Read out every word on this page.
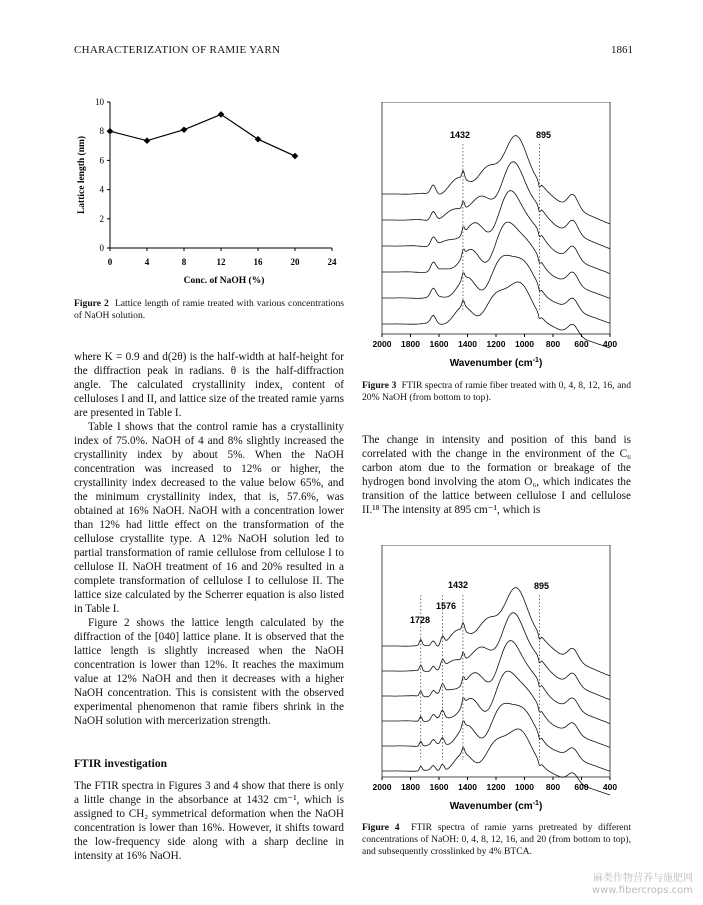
CHARACTERIZATION OF RAMIE YARN	1861
0
2
4
6
8
10
0	4	8	12	16	20	24
Conc. of NaOH (%)
Lattice length (nm)
Figure 2 Lattice length of ramie treated with various concentrations of NaOH solution.

where K = 0.9 and d(2θ) is the half-width at half-height for the diffraction peak in radians. θ is the half-diffraction angle. The calculated crystallinity index, content of celluloses I and II, and lattice size of the treated ramie yarns are presented in Table I.

Table I shows that the control ramie has a crystallinity index of 75.0%. NaOH of 4 and 8% slightly increased the crystallinity index by about 5%. When the NaOH concentration was increased to 12% or higher, the crystallinity index decreased to the value below 65%, and the minimum crystallinity index, that is, 57.6%, was obtained at 16% NaOH. NaOH with a concentration lower than 12% had little effect on the transformation of the cellulose crystallite type. A 12% NaOH solution led to partial transformation of ramie cellulose from cellulose I to cellulose II. NaOH treatment of 16 and 20% resulted in a complete transformation of cellulose I to cellulose II. The lattice size calculated by the Scherrer equation is also listed in Table I.

Figure 2 shows the lattice length calculated by the diffraction of the [040] lattice plane. It is observed that the lattice length is slightly increased when the NaOH concentration is lower than 12%. It reaches the maximum value at 12% NaOH and then it decreases with a higher NaOH concentration. This is consistent with the observed experimental phenomenon that ramie fibers shrink in the NaOH solution with mercerization strength.

FTIR investigation

The FTIR spectra in Figures 3 and 4 show that there is only a little change in the absorbance at 1432 cm⁻¹, which is assigned to CH₂ symmetrical deformation when the NaOH concentration is lower than 16%. However, it shifts toward the low-frequency side along with a sharp decline in intensity at 16% NaOH.

2000 1800 1600 1400 1200 1000 800 600 400
1432	895
Wavenumber $(cm^{-1})$
Figure 3 FTIR spectra of ramie fiber treated with 0, 4, 8, 12, 16, and 20% NaOH (from bottom to top).

The change in intensity and position of this band is correlated with the change in the environment of the C₆ carbon atom due to the formation or breakage of the hydrogen bond involving the atom O₆, which indicates the transition of the lattice between cellulose I and cellulose II.¹⁸ The intensity at 895 cm⁻¹, which is

2000 1800 1600 1400 1200 1000 800 600 400
1728
1576
1432	895
Wavenumber $(cm^{-1})$
Figure 4 FTIR spectra of ramie yarns pretreated by different concentrations of NaOH: 0, 4, 8, 12, 16, and 20 (from bottom to top), and subsequently crosslinked by 4% BTCA.
麻类作物营养与施肥网
www.fibercrops.com
